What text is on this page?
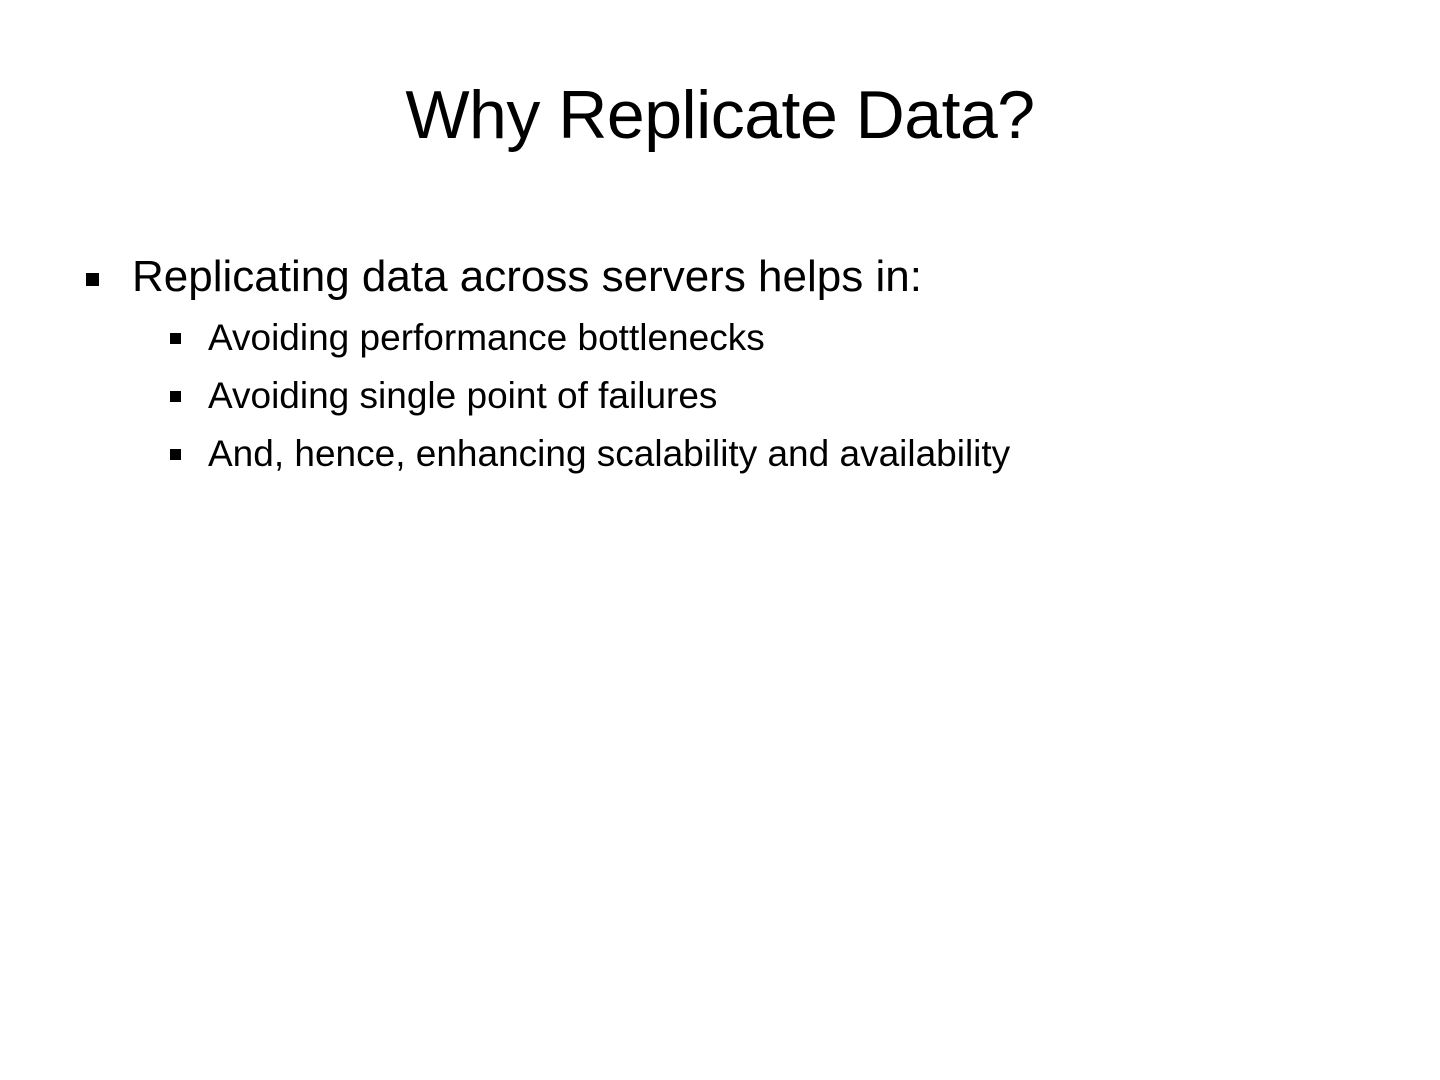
Why Replicate Data?
Replicating data across servers helps in:
Avoiding performance bottlenecks
Avoiding single point of failures
And, hence, enhancing scalability and availability
